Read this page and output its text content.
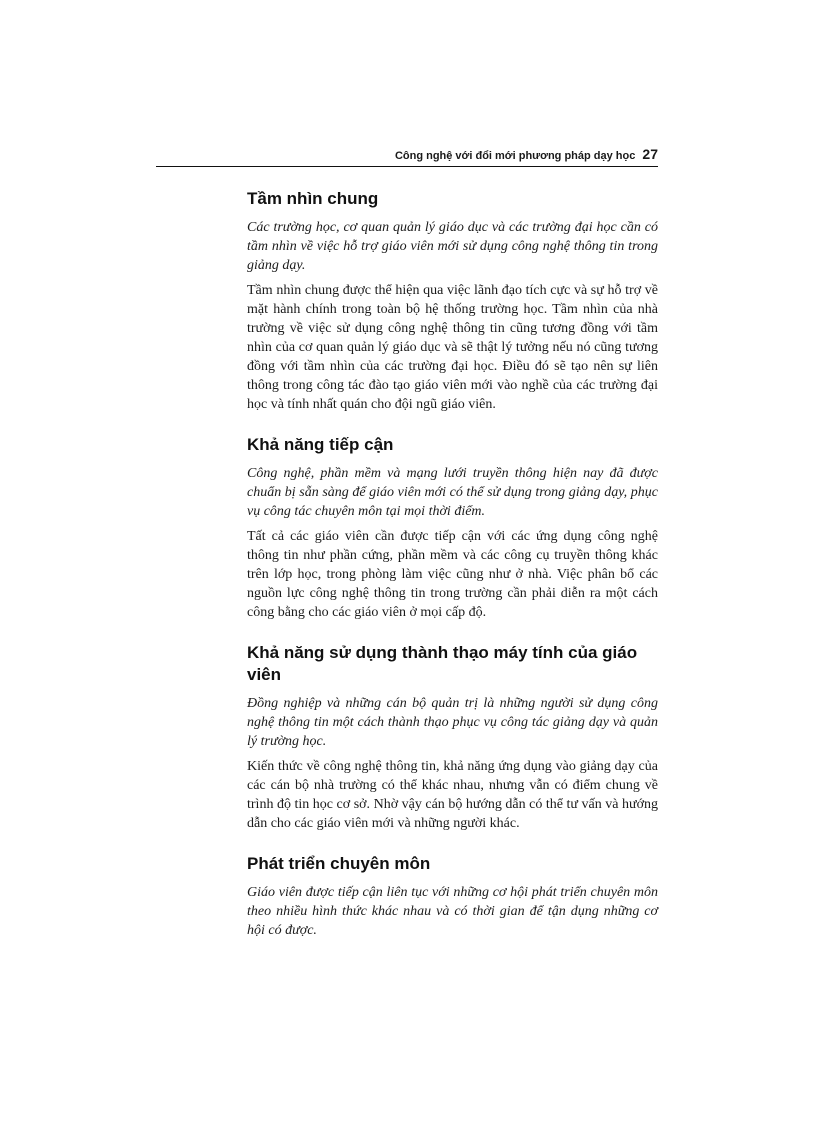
Công nghệ với đổi mới phương pháp dạy học 27
Tầm nhìn chung

Các trường học, cơ quan quản lý giáo dục và các trường đại học cần có tầm nhìn về việc hỗ trợ giáo viên mới sử dụng công nghệ thông tin trong giảng dạy.

Tầm nhìn chung được thể hiện qua việc lãnh đạo tích cực và sự hỗ trợ về mặt hành chính trong toàn bộ hệ thống trường học. Tầm nhìn của nhà trường về việc sử dụng công nghệ thông tin cũng tương đồng với tầm nhìn của cơ quan quản lý giáo dục và sẽ thật lý tưởng nếu nó cũng tương đồng với tầm nhìn của các trường đại học. Điều đó sẽ tạo nên sự liên thông trong công tác đào tạo giáo viên mới vào nghề của các trường đại học và tính nhất quán cho đội ngũ giáo viên.

Khả năng tiếp cận

Công nghệ, phần mềm và mạng lưới truyền thông hiện nay đã được chuẩn bị sẵn sàng để giáo viên mới có thể sử dụng trong giảng dạy, phục vụ công tác chuyên môn tại mọi thời điểm.

Tất cả các giáo viên cần được tiếp cận với các ứng dụng công nghệ thông tin như phần cứng, phần mềm và các công cụ truyền thông khác trên lớp học, trong phòng làm việc cũng như ở nhà. Việc phân bổ các nguồn lực công nghệ thông tin trong trường cần phải diễn ra một cách công bằng cho các giáo viên ở mọi cấp độ.

Khả năng sử dụng thành thạo máy tính của giáo viên

Đồng nghiệp và những cán bộ quản trị là những người sử dụng công nghệ thông tin một cách thành thạo phục vụ công tác giảng dạy và quản lý trường học.

Kiến thức về công nghệ thông tin, khả năng ứng dụng vào giảng dạy của các cán bộ nhà trường có thể khác nhau, nhưng vẫn có điểm chung về trình độ tin học cơ sở. Nhờ vậy cán bộ hướng dẫn có thể tư vấn và hướng dẫn cho các giáo viên mới và những người khác.

Phát triển chuyên môn

Giáo viên được tiếp cận liên tục với những cơ hội phát triển chuyên môn theo nhiều hình thức khác nhau và có thời gian để tận dụng những cơ hội có được.
